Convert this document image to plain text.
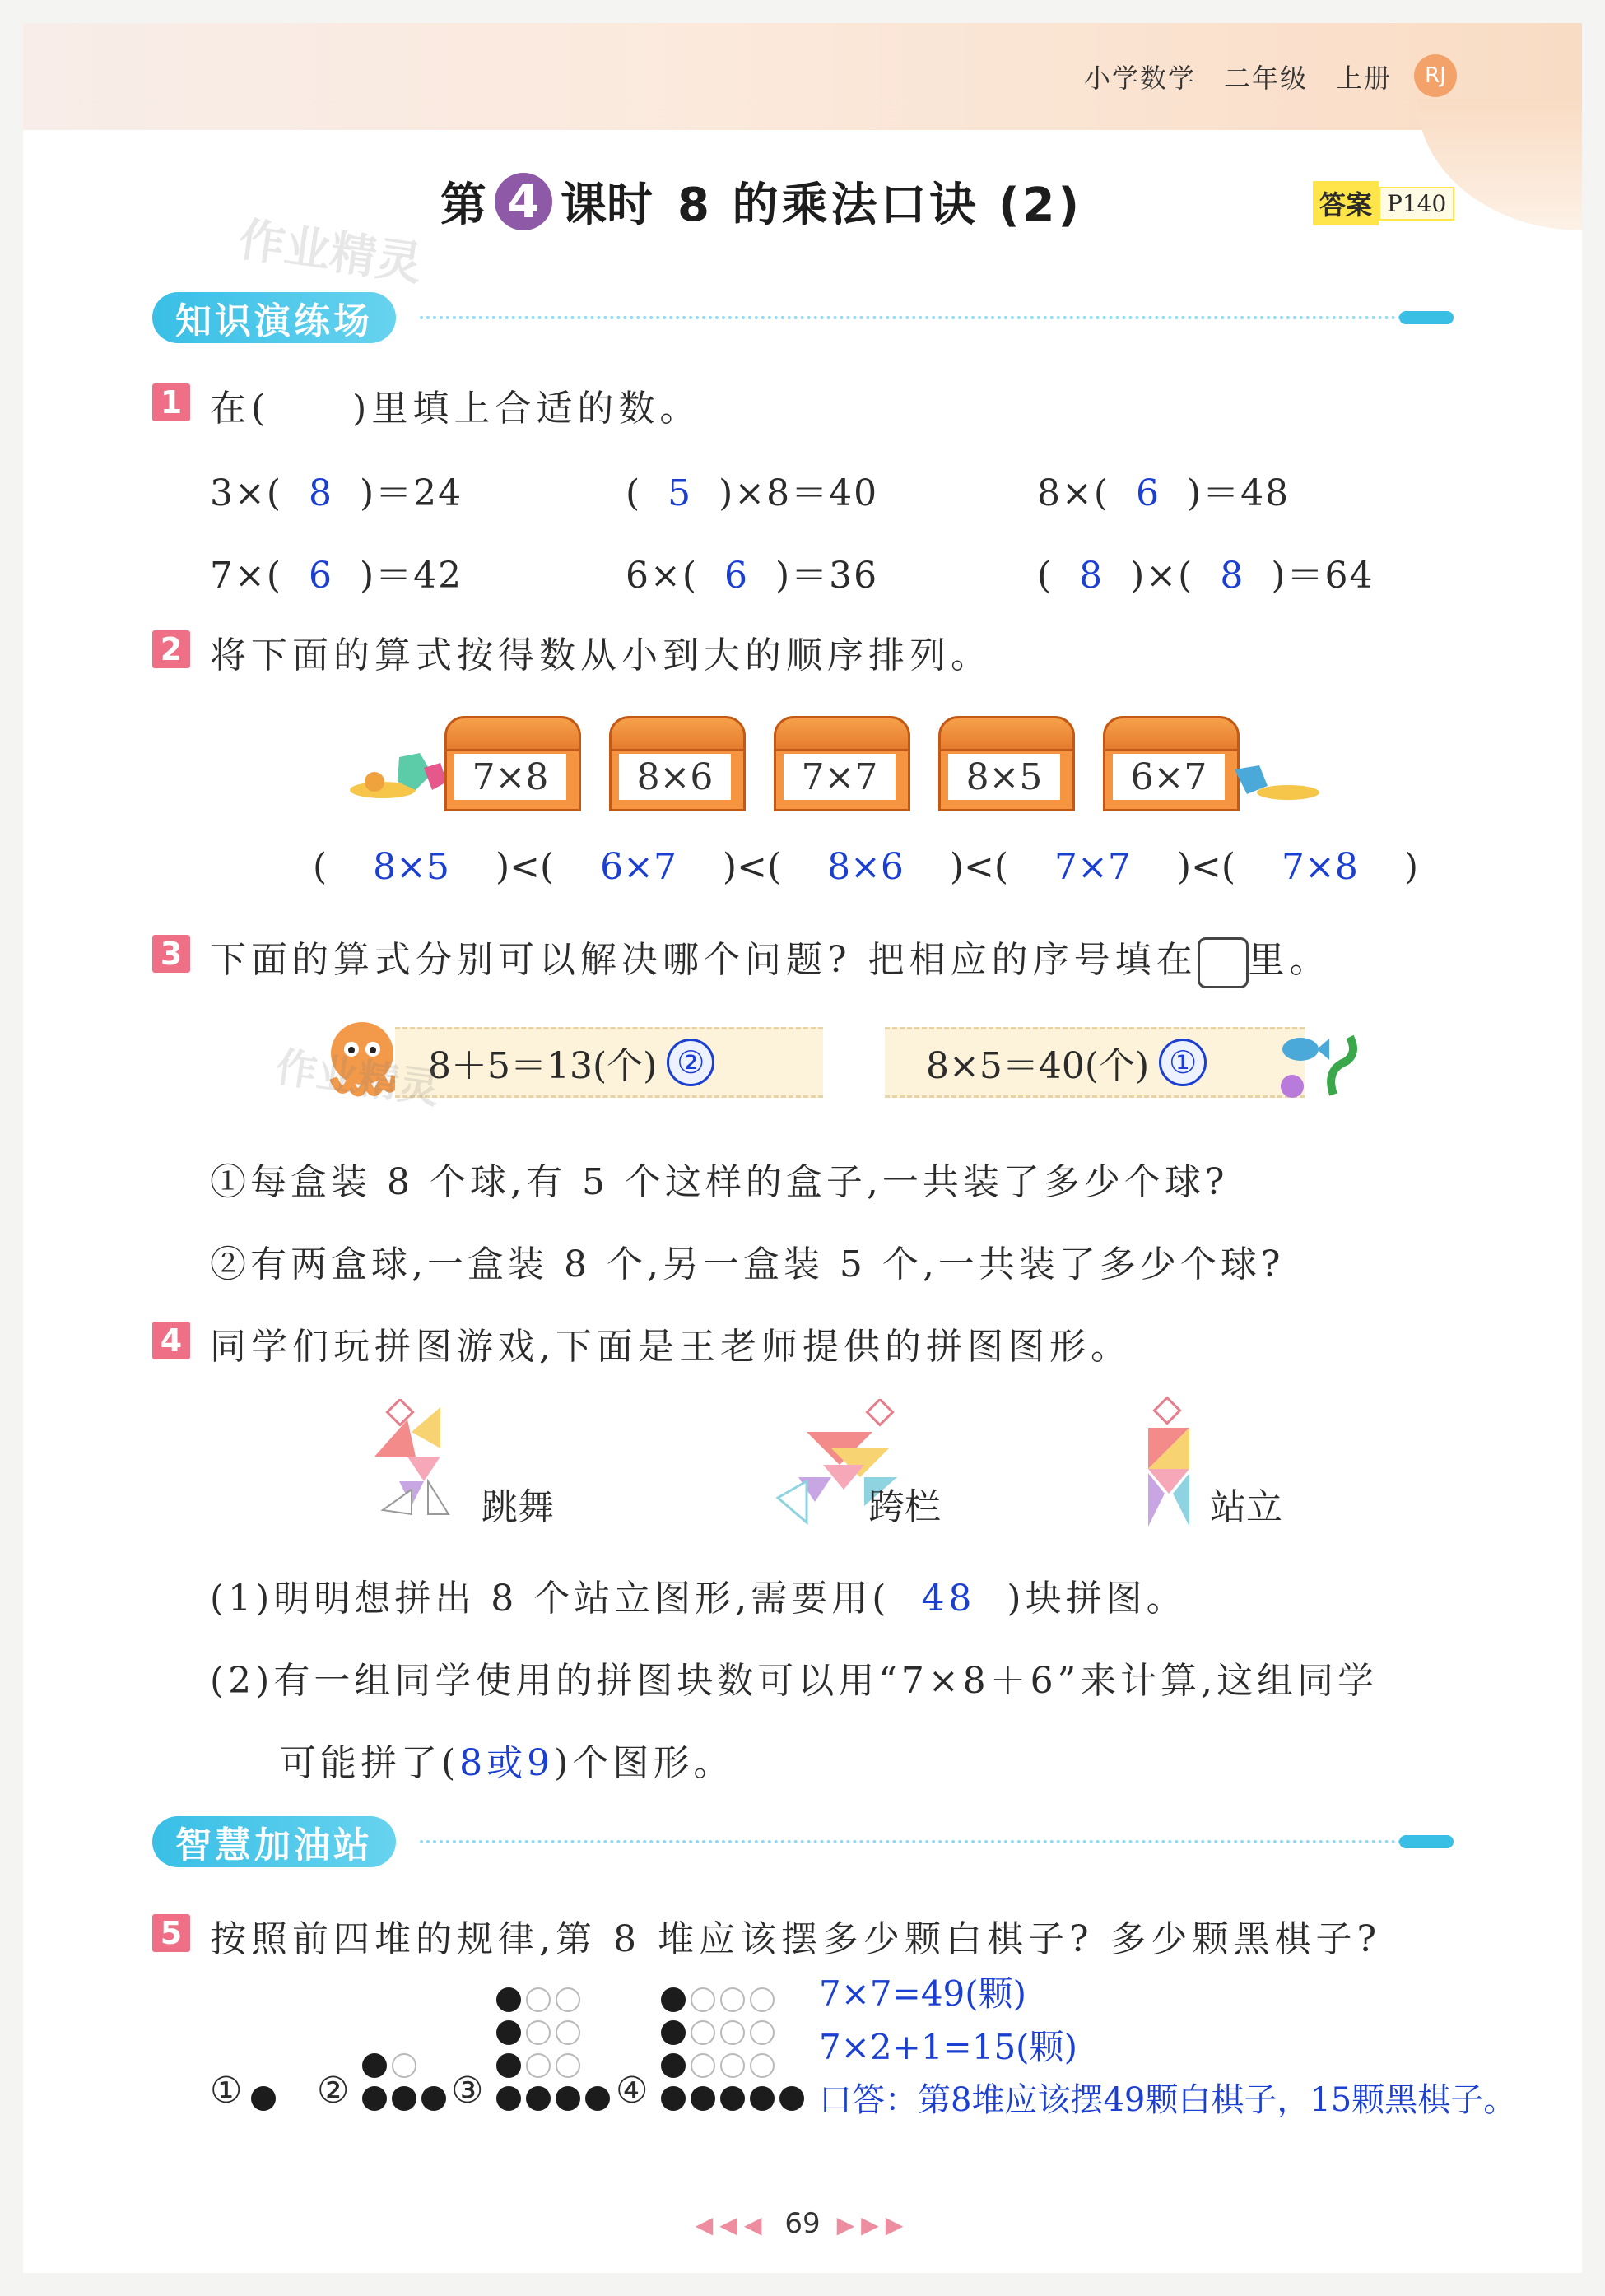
小学数学 二年级 上册	RJ
第 4 课时 8 的乘法口诀 (2)	答案 P140
作业精灵
知识演练场
1 在(　　)里填上合适的数。
3×( 8 )＝24	( 5 )×8＝40	8×( 6 )＝48
7×( 6 )＝42	6×( 6 )＝36	( 8 )×( 8 )＝64
2 将下面的算式按得数从小到大的顺序排列。
7×8	8×6	7×7	8×5	6×7
( 8×5 )<( 6×7 )<( 8×6 )<( 7×7 )<( 7×8 )
3 下面的算式分别可以解决哪个问题? 把相应的序号填在 里。
8＋5＝13(个) ②	8×5＝40(个) ①
作业精灵
①每盒装 8 个球,有 5 个这样的盒子,一共装了多少个球?
②有两盒球,一盒装 8 个,另一盒装 5 个,一共装了多少个球?
4 同学们玩拼图游戏,下面是王老师提供的拼图图形。
跳舞	跨栏	站立
(1)明明想拼出 8 个站立图形,需要用( 48 )块拼图。
(2)有一组同学使用的拼图块数可以用“7×8＋6”来计算,这组同学
可能拼了(8或9)个图形。
智慧加油站
5 按照前四堆的规律,第 8 堆应该摆多少颗白棋子? 多少颗黑棋子?
① ②	③	④
7×7=49(颗)
7×2+1=15(颗)
口答：第8堆应该摆49颗白棋子，15颗黑棋子。
◀◀◀ 69 ▶▶▶
